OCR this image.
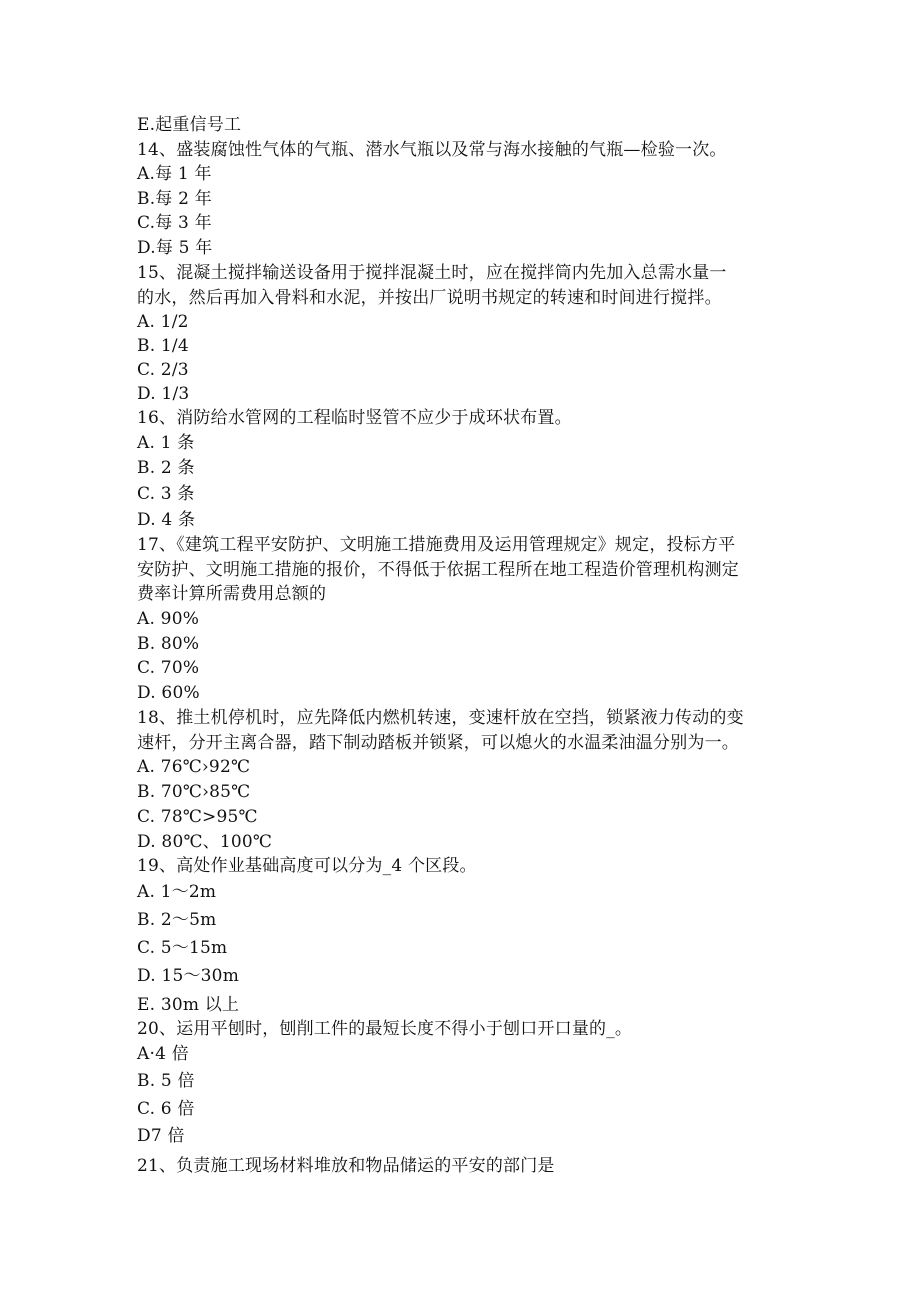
E.起重信号工
14、盛装腐蚀性气体的气瓶、潜水气瓶以及常与海水接触的气瓶—检验一次。
A.每 1 年
B.每 2 年
C.每 3 年
D.每 5 年
15、混凝土搅拌输送设备用于搅拌混凝土时，应在搅拌筒内先加入总需水量一
的水，然后再加入骨料和水泥，并按出厂说明书规定的转速和时间进行搅拌。
A. 1/2
B. 1/4
C. 2/3
D. 1/3
16、消防给水管网的工程临时竖管不应少于成环状布置。
A. 1 条
B. 2 条
C. 3 条
D. 4 条
17、《建筑工程平安防护、文明施工措施费用及运用管理规定》规定，投标方平
安防护、文明施工措施的报价，不得低于依据工程所在地工程造价管理机构测定
费率计算所需费用总额的
A. 90%
B. 80%
C. 70%
D. 60%
18、推土机停机时，应先降低内燃机转速，变速杆放在空挡，锁紧液力传动的变
速杆，分开主离合器，踏下制动踏板并锁紧，可以熄火的水温柔油温分别为一。
A. 76℃›92℃
B. 70℃›85℃
C. 78℃>95℃
D. 80℃、100℃
19、高处作业基础高度可以分为_4 个区段。
A. 1～2m
B. 2～5m
C. 5～15m
D. 15～30m
E. 30m 以上
20、运用平刨时，刨削工件的最短长度不得小于刨口开口量的_。
A·4 倍
B. 5 倍
C. 6 倍
D7 倍
21、负责施工现场材料堆放和物品储运的平安的部门是
